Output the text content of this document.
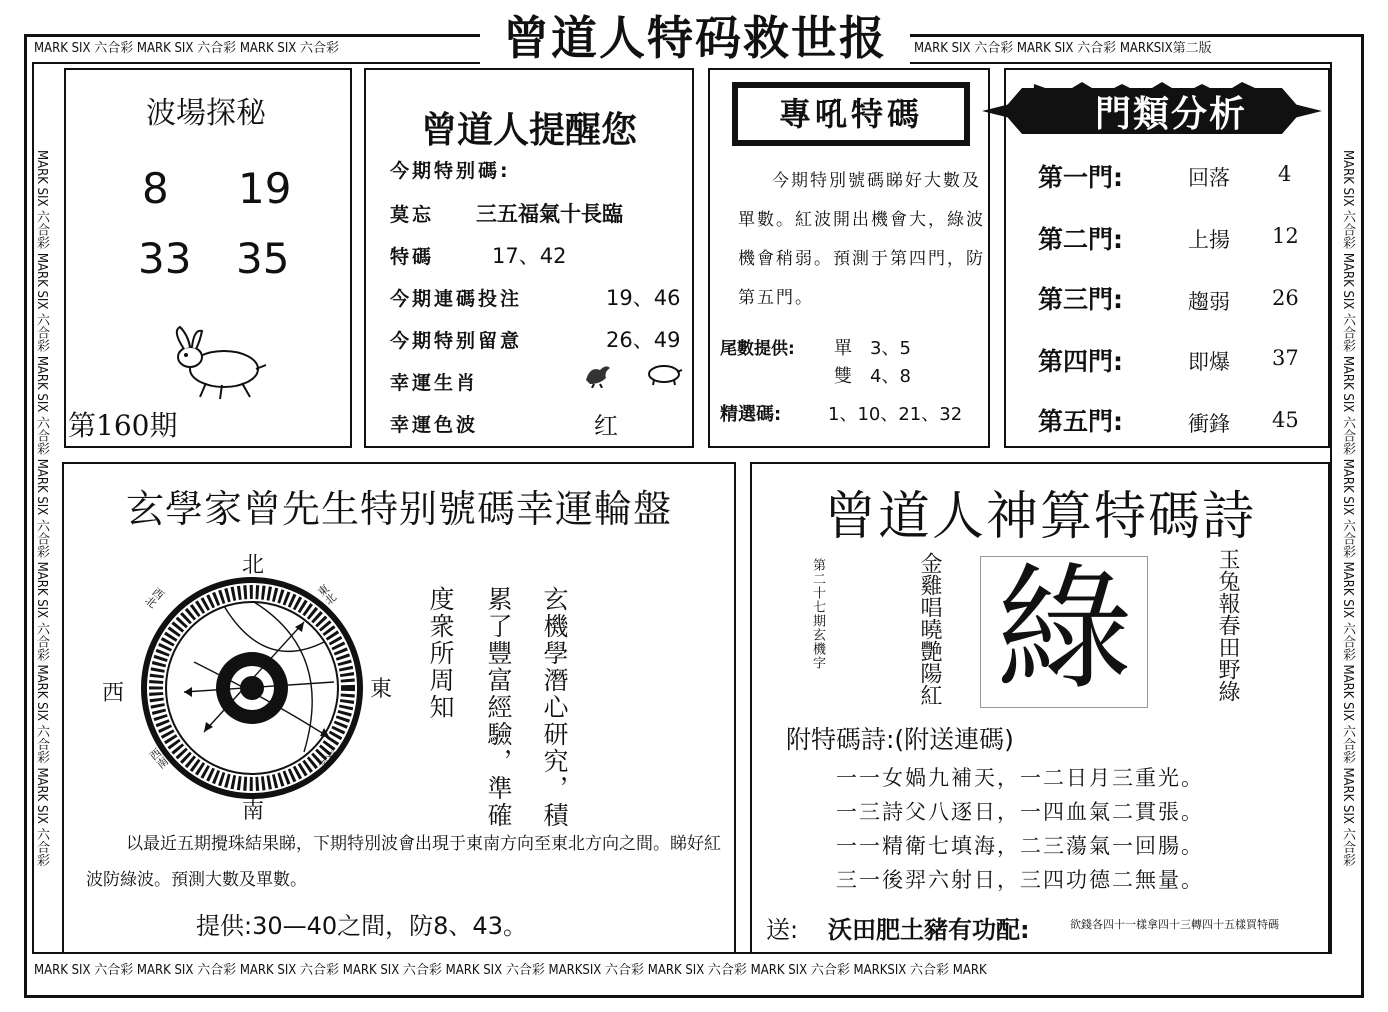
MARK SIX 六合彩 MARK SIX 六合彩 MARK SIX 六合彩	MARK SIX 六合彩 MARK SIX 六合彩 MARKSIX第二版
MARK SIX 六合彩 MARK SIX 六合彩 MARK SIX 六合彩 MARK SIX 六合彩 MARK SIX 六合彩 MARKSIX 六合彩 MARK SIX 六合彩 MARK SIX 六合彩 MARKSIX 六合彩 MARK
MARK SIX 六合彩 MARK SIX 六合彩 MARK SIX 六合彩 MARK SIX 六合彩 MARK SIX 六合彩 MARK SIX 六合彩 MARK SIX 六合彩	MARK SIX 六合彩 MARK SIX 六合彩 MARK SIX 六合彩 MARK SIX 六合彩 MARK SIX 六合彩 MARK SIX 六合彩 MARK SIX 六合彩
曾道人特码救世报
波場探秘
8 19
33 35
第160期
曾道人提醒您
今期特别碼:
莫忘 三五福氣十長臨
特碼	17、42
今期連碼投注	19、46
今期特别留意	26、49
幸運生肖
幸運色波	红
專吼特碼
今期特別號碼睇好大數及單數。紅波開出機會大，綠波機會稍弱。預測于第四門，防第五門。
尾數提供: 單　3、5
雙　4、8
精選碼:	1、10、21、32
門類分析
第一門:	回落 4
第二門:	上揚 12
第三門:	趨弱 26
第四門:	即爆 37
第五門:	衝鋒 45
玄學家曾先生特别號碼幸運輪盤
北
南
東
西
東北
西北
東南
西南	玄機學潛心研究，積
累了豐富經驗，準確
度衆所周知
以最近五期攪珠結果睇，下期特別波會出現于東南方向至東北方向之間。睇好紅波防綠波。預測大數及單數。
提供:30—40之間，防8、43。
曾道人神算特碼詩
第二十七期玄機字	金雞唱曉艷陽紅 綠	玉兔報春田野綠
附特碼詩:(附送連碼)
一一女媧九補天，一二日月三重光。
一三詩父八逐日，一四血氣二貫張。
一一精衛七填海，二三蕩氣一回腸。
三一後羿六射日，三四功德二無量。
送: 沃田肥土豬有功配:	欲錢各四十一樣拿四十三轉四十五樣買特碼
